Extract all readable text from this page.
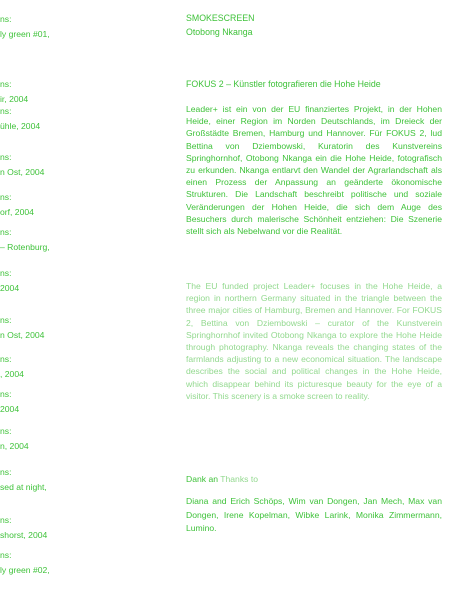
ns:
ly green #01,
ns:
ir, 2004
ns:
ühle, 2004
ns:
n Ost, 2004
ns:
orf, 2004
ns:
– Rotenburg,
ns:
2004
ns:
n Ost, 2004
ns:
, 2004
ns:
2004
ns:
n, 2004
ns:
sed at night,
ns:
shorst, 2004
ns:
ly green #02,
SMOKESCREEN
Otobong Nkanga
FOKUS 2 – Künstler fotografieren die Hohe Heide
Leader+ ist ein von der EU finanziertes Projekt, in der Hohen Heide, einer Region im Norden Deutschlands, im Dreieck der Großstädte Bremen, Hamburg und Hannover. Für FOKUS 2, lud Bettina von Dziembowski, Kuratorin des Kunstvereins Springhornhof, Otobong Nkanga ein die Hohe Heide, fotografisch zu erkunden. Nkanga entlarvt den Wandel der Agrarlandschaft als einen Prozess der Anpassung an geänderte ökonomische Strukturen. Die Landschaft beschreibt politische und soziale Veränderungen der Hohen Heide, die sich dem Auge des Besuchers durch malerische Schönheit entziehen: Die Szenerie stellt sich als Nebelwand vor die Realität.
The EU funded project Leader+ focuses in the Hohe Heide, a region in northern Germany situated in the triangle between the three major cities of Hamburg, Bremen and Hannover. For FOKUS 2, Bettina von Dziembowski – curator of the Kunstverein Springhornhof invited Otobong Nkanga to explore the Hohe Heide through photography. Nkanga reveals the changing states of the farmlands adjusting to a new economical situation. The landscape describes the social and political changes in the Hohe Heide, which disappear behind its picturesque beauty for the eye of a visitor. This scenery is a smoke screen to reality.
Dank an Thanks to
Diana and Erich Schöps, Wim van Dongen, Jan Mech, Max van Dongen, Irene Kopelman, Wibke Larink, Monika Zimmermann, Lumino.
